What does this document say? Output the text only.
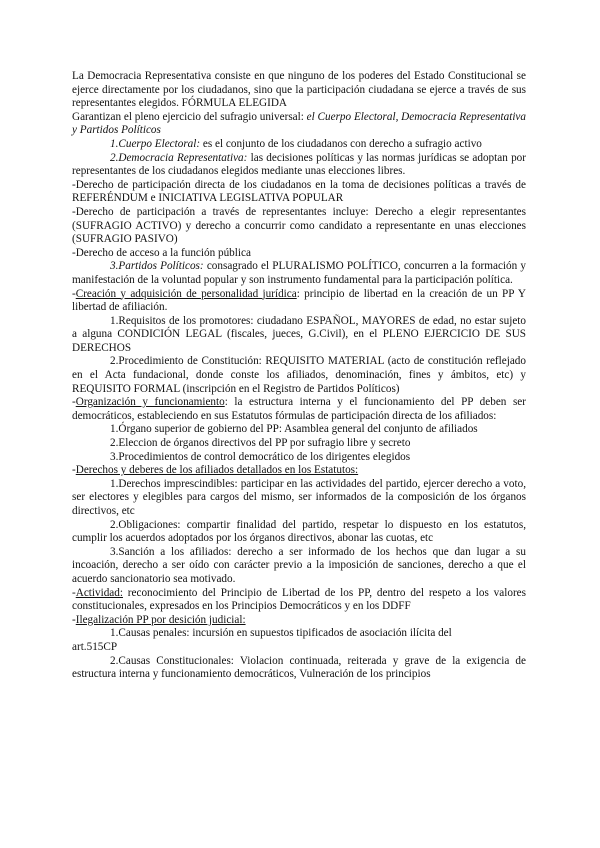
La Democracia Representativa consiste en que ninguno de los poderes del Estado Constitucional se ejerce directamente por los ciudadanos, sino que la participación ciudadana se ejerce a través de sus representantes elegidos. FÓRMULA ELEGIDA

Garantizan el pleno ejercicio del sufragio universal: el Cuerpo Electoral, Democracia Representativa y Partidos Políticos

1.Cuerpo Electoral: es el conjunto de los ciudadanos con derecho a sufragio activo

2.Democracia Representativa: las decisiones políticas y las normas jurídicas se adoptan por representantes de los ciudadanos elegidos mediante unas elecciones libres.

-Derecho de participación directa de los ciudadanos en la toma de decisiones políticas a través de REFERÉNDUM e INICIATIVA LEGISLATIVA POPULAR

-Derecho de participación a través de representantes incluye: Derecho a elegir representantes (SUFRAGIO ACTIVO) y derecho a concurrir como candidato a representante en unas elecciones (SUFRAGIO PASIVO)

-Derecho de acceso a la función pública

3.Partidos Políticos: consagrado el PLURALISMO POLÍTICO, concurren a la formación y manifestación de la voluntad popular y son instrumento fundamental para la participación política.

-Creación y adquisición de personalidad jurídica: principio de libertad en la creación de un PP Y libertad de afiliación.

1.Requisitos de los promotores: ciudadano ESPAÑOL, MAYORES de edad, no estar sujeto a alguna CONDICIÓN LEGAL (fiscales, jueces, G.Civil), en el PLENO EJERCICIO DE SUS DERECHOS

2.Procedimiento de Constitución: REQUISITO MATERIAL (acto de constitución reflejado en el Acta fundacional, donde conste los afiliados, denominación, fines y ámbitos, etc) y REQUISITO FORMAL (inscripción en el Registro de Partidos Políticos)

-Organización y funcionamiento: la estructura interna y el funcionamiento del PP deben ser democráticos, estableciendo en sus Estatutos fórmulas de participación directa de los afiliados:

1.Órgano superior de gobierno del PP: Asamblea general del conjunto de afiliados

2.Eleccion de órganos directivos del PP por sufragio libre y secreto

3.Procedimientos de control democrático de los dirigentes elegidos

-Derechos y deberes de los afiliados detallados en los Estatutos:

1.Derechos imprescindibles: participar en las actividades del partido, ejercer derecho a voto, ser electores y elegibles para cargos del mismo, ser informados de la composición de los órganos directivos, etc

2.Obligaciones: compartir finalidad del partido, respetar lo dispuesto en los estatutos, cumplir los acuerdos adoptados por los órganos directivos, abonar las cuotas, etc

3.Sanción a los afiliados: derecho a ser informado de los hechos que dan lugar a su incoación, derecho a ser oído con carácter previo a la imposición de sanciones, derecho a que el acuerdo sancionatorio sea motivado.

-Actividad: reconocimiento del Principio de Libertad de los PP, dentro del respeto a los valores constitucionales, expresados en los Principios Democráticos y en los DDFF

-Ilegalización PP por desición judicial:

1.Causas penales: incursión en supuestos tipificados de asociación ilícita del

art.515CP

2.Causas Constitucionales: Violacion continuada, reiterada y grave de la exigencia de estructura interna y funcionamiento democráticos, Vulneración de los principios
